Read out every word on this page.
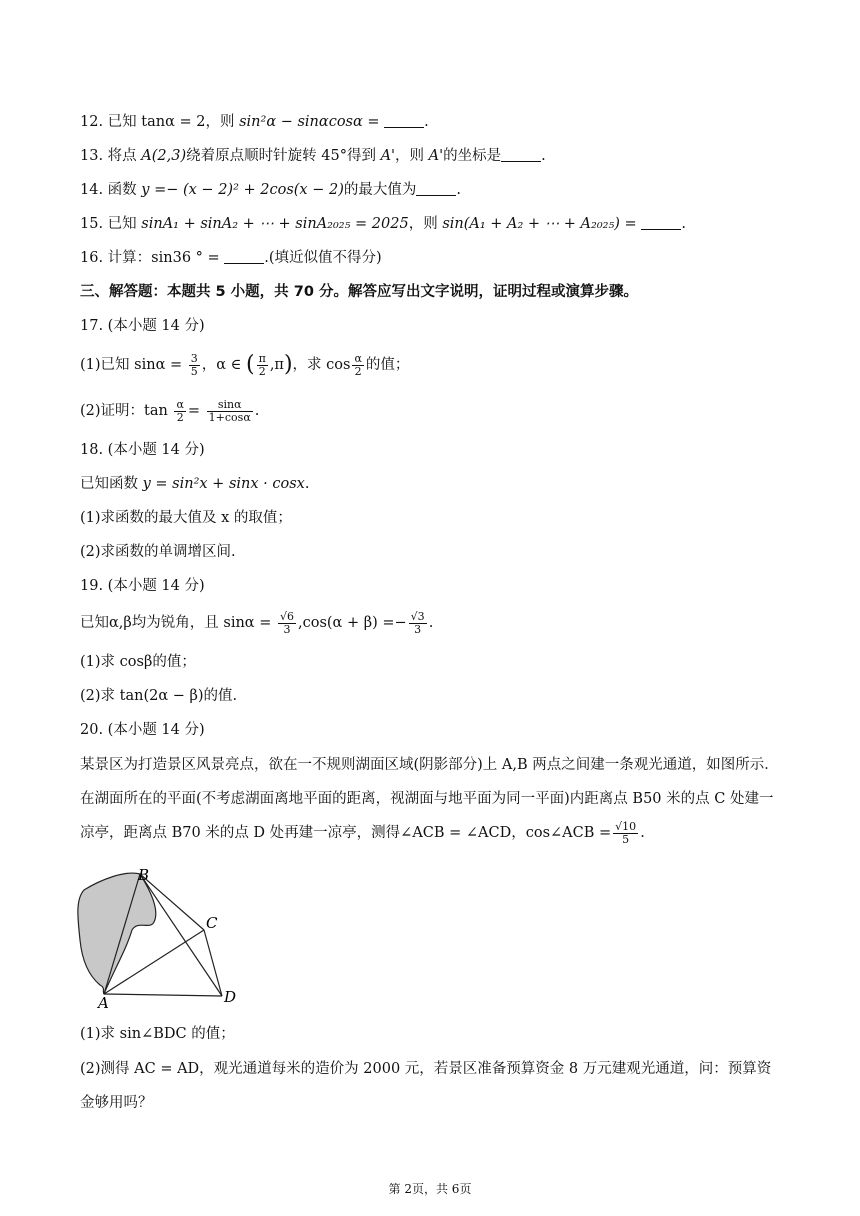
12. 已知 tanα = 2，则 sin²α − sinαcosα =	.
13. 将点 A(2,3)绕着原点顺时针旋转 45°得到 A'，则 A'的坐标是	.
14. 函数 y =− (x − 2)² + 2cos(x − 2)的最大值为	.
15. 已知 sinA₁ + sinA₂ + ⋯ + sinA₂₀₂₅ = 2025，则 sin(A₁ + A₂ + ⋯ + A₂₀₂₅) =	.
16. 计算：sin36 ° =	.(填近似值不得分)
三、解答题：本题共 5 小题，共 70 分。解答应写出文字说明，证明过程或演算步骤。
17. (本小题 14 分)
(1)已知 $\sin\alpha = \frac{3}{5}$ ，α ∈ ( $\frac{\pi}{2} ,\pi$)，求 $\cos \frac{\alpha}{2}$ 的值；
(2)证明：$\tan \frac{\alpha}{2} = \frac{\sin\alpha}{1+\cos\alpha}$ .
18. (本小题 14 分)
已知函数 y = sin²x + sinx · cosx.
(1)求函数的最大值及 x 的取值；
(2)求函数的单调增区间.
19. (本小题 14 分)
已知α,β均为锐角，且 $\sin\alpha = \frac{√6}{3} ,\cos(\alpha + \beta) =- \frac{√3}{3}$ .
(1)求 cosβ的值；
(2)求 tan(2α − β)的值.
20. (本小题 14 分)
某景区为打造景区风景亮点，欲在一不规则湖面区域(阴影部分)上 A,B 两点之间建一条观光通道，如图所示．在湖面所在的平面(不考虑湖面离地平面的距离，视湖面与地平面为同一平面)内距离点 B50 米的点 C 处建一凉亭，距离点 B70 米的点 D 处再建一凉亭，测得∠ACB = ∠ACD，cos∠ACB = $\frac{√10}{5}$ .
B
C
A	D
(1)求 sin∠BDC 的值；
(2)测得 AC = AD，观光通道每米的造价为 2000 元，若景区准备预算资金 8 万元建观光通道，问：预算资金够用吗？
第 2页，共 6页
